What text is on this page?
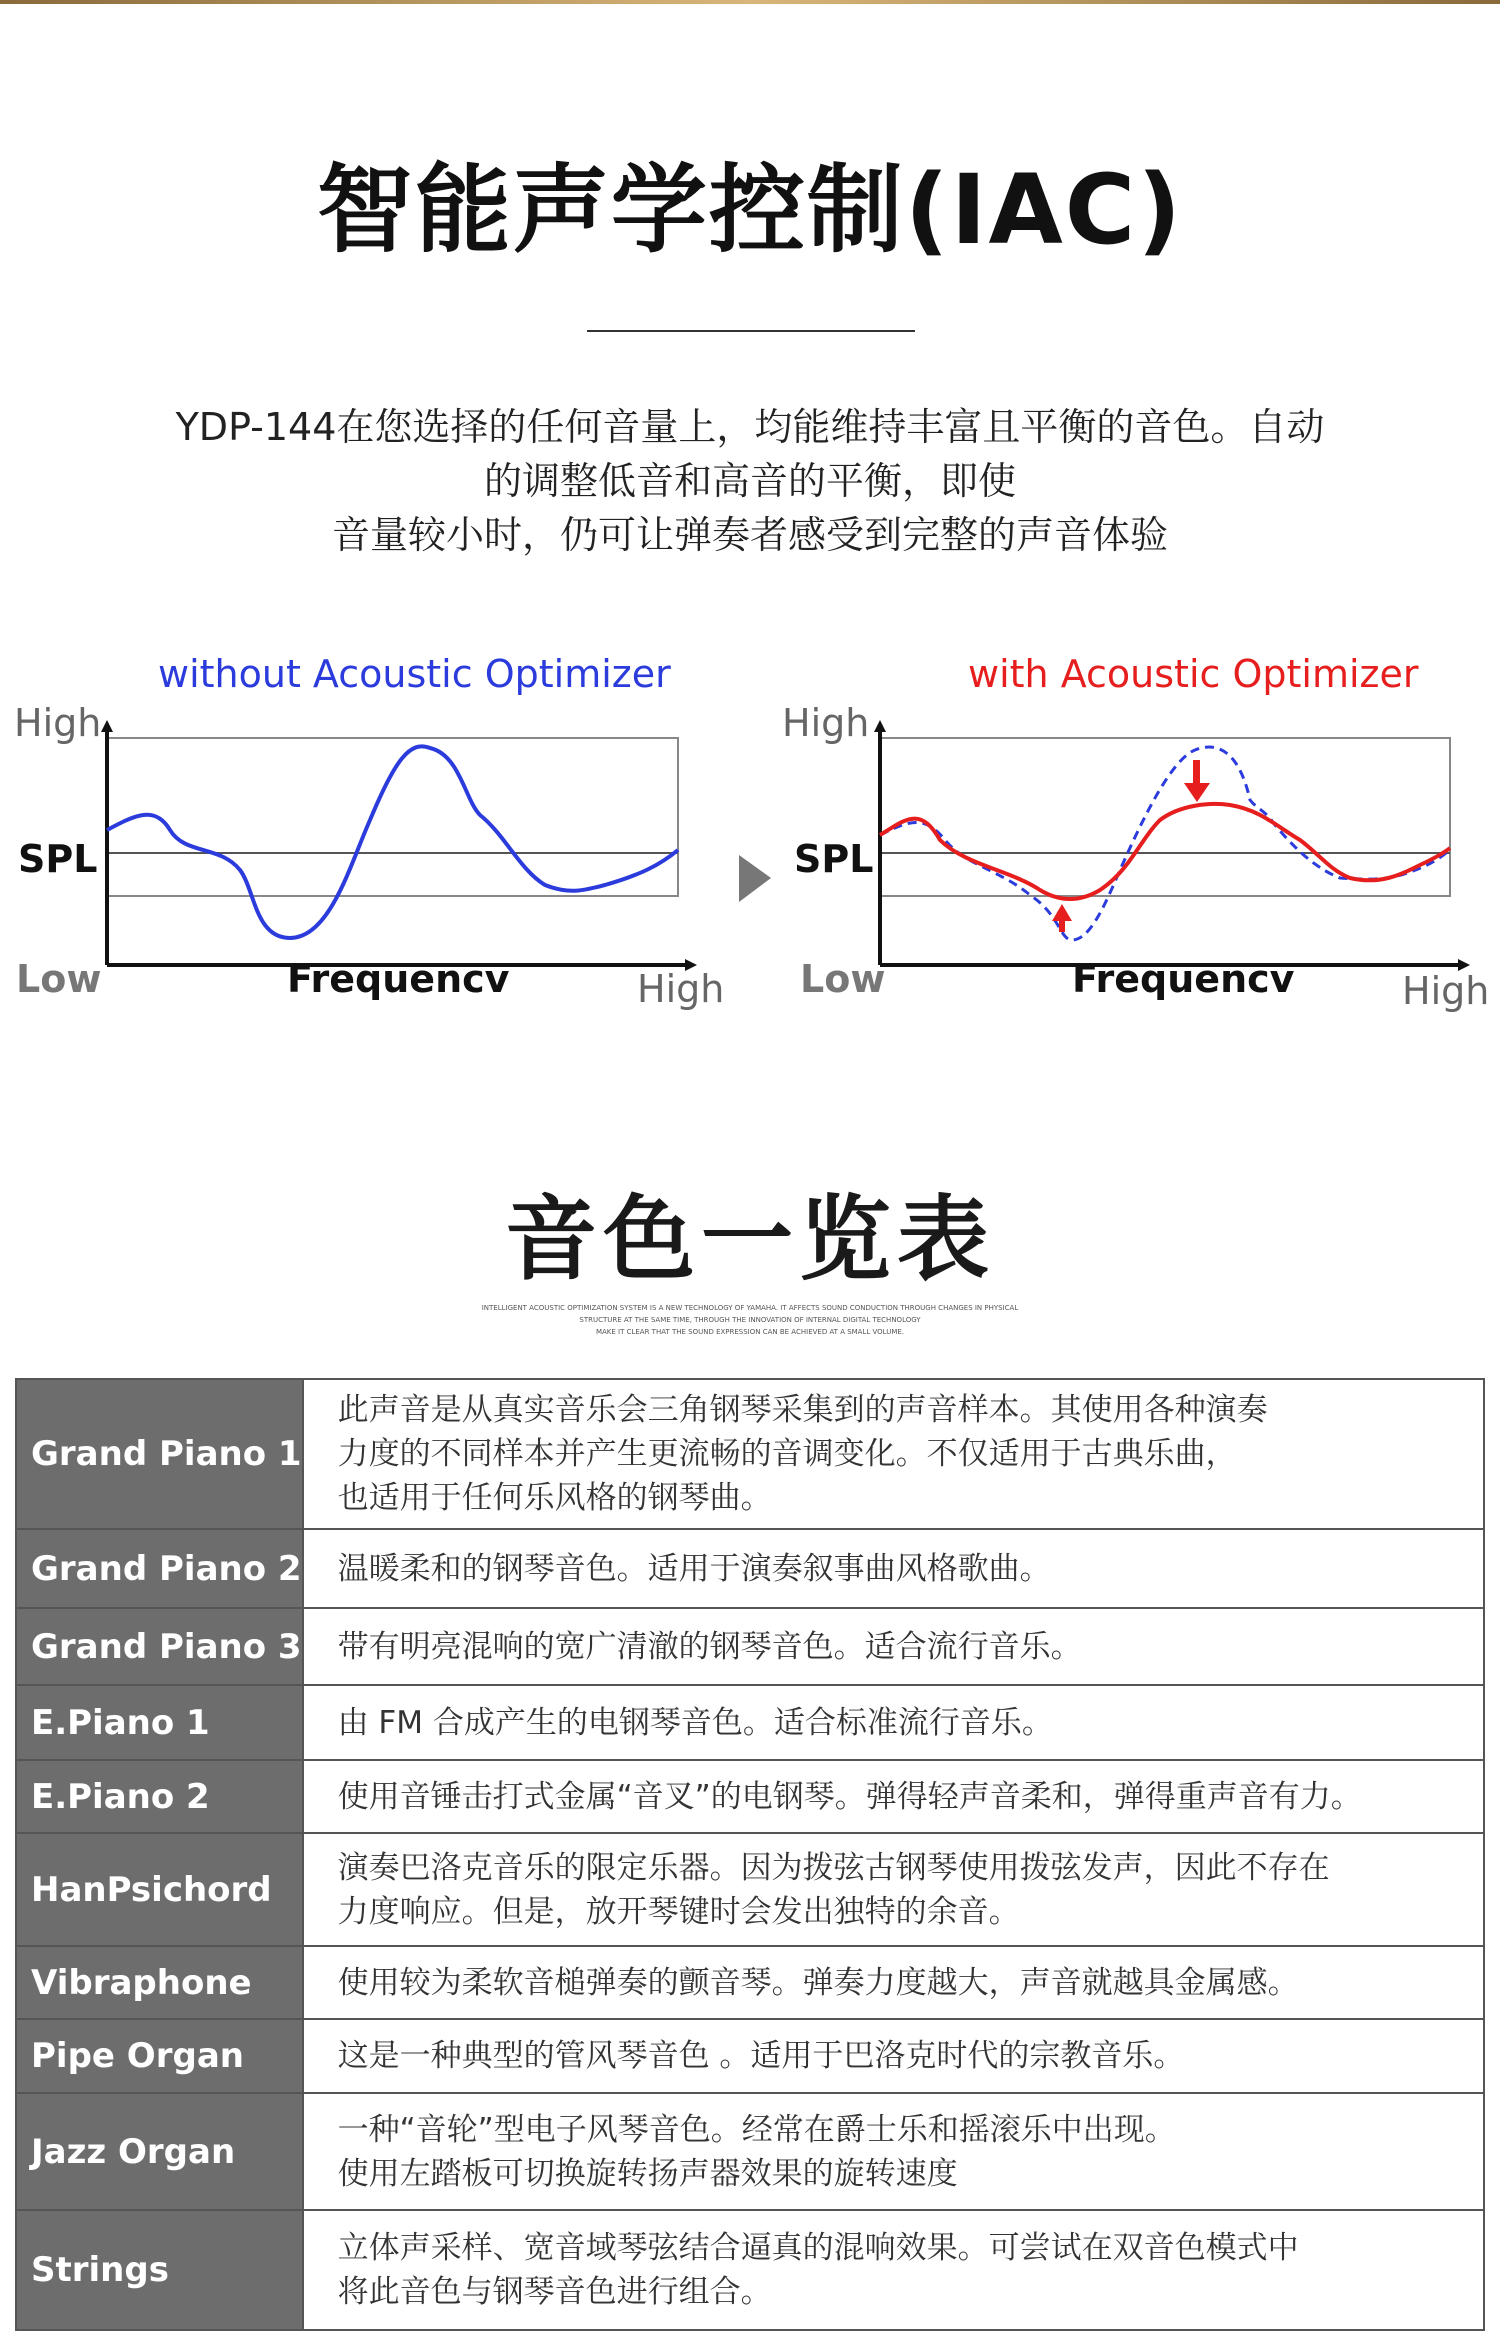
智能声学控制(IAC)
YDP-144在您选择的任何音量上，均能维持丰富且平衡的音色。自动
的调整低音和高音的平衡，即使
音量较小时，仍可让弹奏者感受到完整的声音体验
without Acoustic Optimizer	with Acoustic Optimizer
High
SPL
Low	Frequencv	High
High
SPL
Low	Frequencv	High
音色一览表
INTELLIGENT ACOUSTIC OPTIMIZATION SYSTEM IS A NEW TECHNOLOGY OF YAMAHA. IT AFFECTS SOUND CONDUCTION THROUGH CHANGES IN PHYSICAL
STRUCTURE AT THE SAME TIME, THROUGH THE INNOVATION OF INTERNAL DIGITAL TECHNOLOGY
MAKE IT CLEAR THAT THE SOUND EXPRESSION CAN BE ACHIEVED AT A SMALL VOLUME.
Grand Piano 1	此声音是从真实音乐会三角钢琴采集到的声音样本。其使用各种演奏
力度的不同样本并产生更流畅的音调变化。不仅适用于古典乐曲，
也适用于任何乐风格的钢琴曲。

Grand Piano 2	温暖柔和的钢琴音色。适用于演奏叙事曲风格歌曲。

Grand Piano 3	带有明亮混响的宽广清澈的钢琴音色。适合流行音乐。

E.Piano 1	由 FM 合成产生的电钢琴音色。适合标准流行音乐。

E.Piano 2	使用音锤击打式金属“音叉”的电钢琴。弹得轻声音柔和，弹得重声音有力。

HanPsichord	演奏巴洛克音乐的限定乐器。因为拨弦古钢琴使用拨弦发声，因此不存在
力度响应。但是，放开琴键时会发出独特的余音。

Vibraphone	使用较为柔软音槌弹奏的颤音琴。弹奏力度越大，声音就越具金属感。

Pipe Organ	这是一种典型的管风琴音色 。适用于巴洛克时代的宗教音乐。

Jazz Organ	一种“音轮”型电子风琴音色。经常在爵士乐和摇滚乐中出现。
使用左踏板可切换旋转扬声器效果的旋转速度

Strings	立体声采样、宽音域琴弦结合逼真的混响效果。可尝试在双音色模式中
将此音色与钢琴音色进行组合。
